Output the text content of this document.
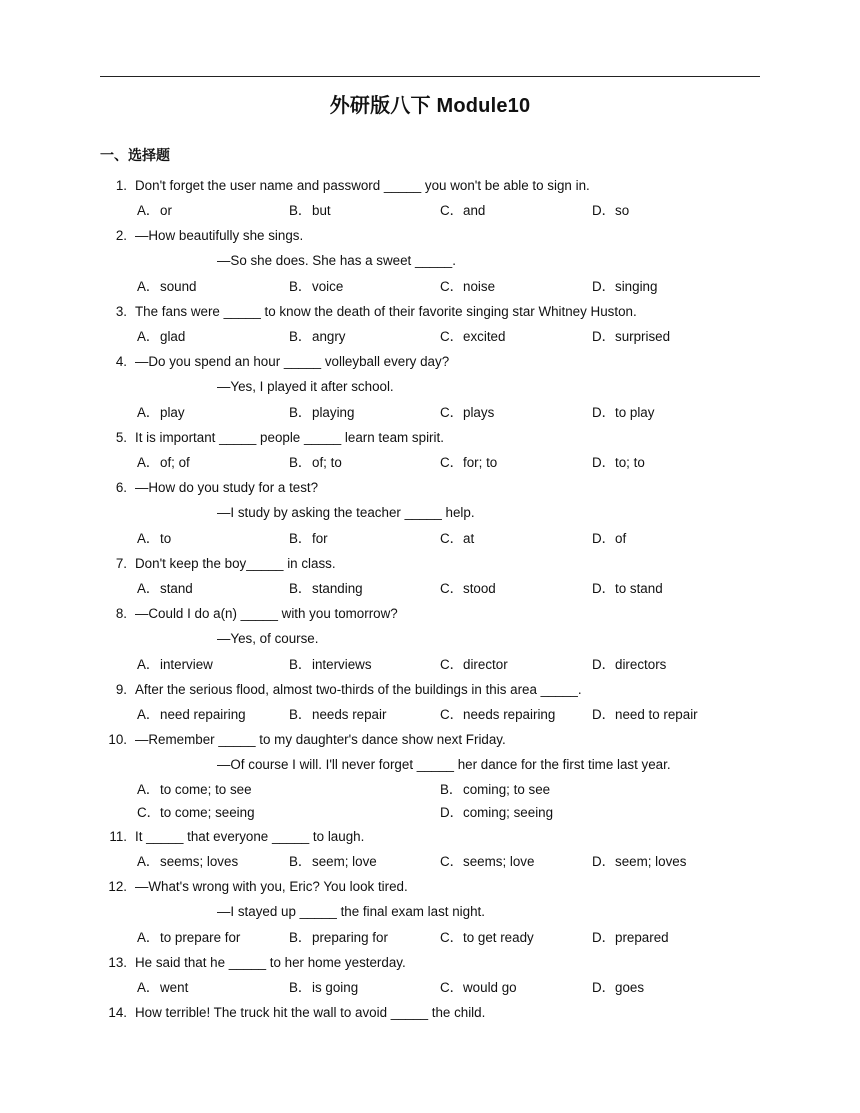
外研版八下 Module10
一、选择题
1. Don't forget the user name and password _____ you won't be able to sign in.
A．or	B．but	C．and	D．so
2. —How beautifully she sings.
—So she does. She has a sweet _____.
A．sound	B．voice	C．noise	D．singing
3. The fans were _____ to know the death of their favorite singing star Whitney Huston.
A．glad	B．angry	C．excited	D．surprised
4. —Do you spend an hour _____ volleyball every day?
—Yes, I played it after school.
A．play	B．playing	C．plays	D．to play
5. It is important _____ people _____ learn team spirit.
A．of; of	B．of; to	C．for; to	D．to; to
6. —How do you study for a test?
—I study by asking the teacher _____ help.
A．to	B．for	C．at	D．of
7. Don't keep the boy_____ in class.
A．stand	B．standing	C．stood	D．to stand
8. —Could I do a(n) _____ with you tomorrow?
—Yes, of course.
A．interview	B．interviews	C．director	D．directors
9. After the serious flood, almost two-thirds of the buildings in this area _____.
A．need repairing	B．needs repair	C．needs repairing	D．need to repair
10. —Remember _____ to my daughter's dance show next Friday.
—Of course I will. I'll never forget _____ her dance for the first time last year.
A．to come; to see	B．coming; to see
C．to come; seeing	D．coming; seeing
11. It _____ that everyone _____ to laugh.
A．seems; loves	B．seem; love	C．seems; love	D．seem; loves
12. —What's wrong with you, Eric? You look tired.
—I stayed up _____ the final exam last night.
A．to prepare for	B．preparing for	C．to get ready	D．prepared
13. He said that he _____ to her home yesterday.
A．went	B．is going	C．would go	D．goes
14. How terrible! The truck hit the wall to avoid _____ the child.
